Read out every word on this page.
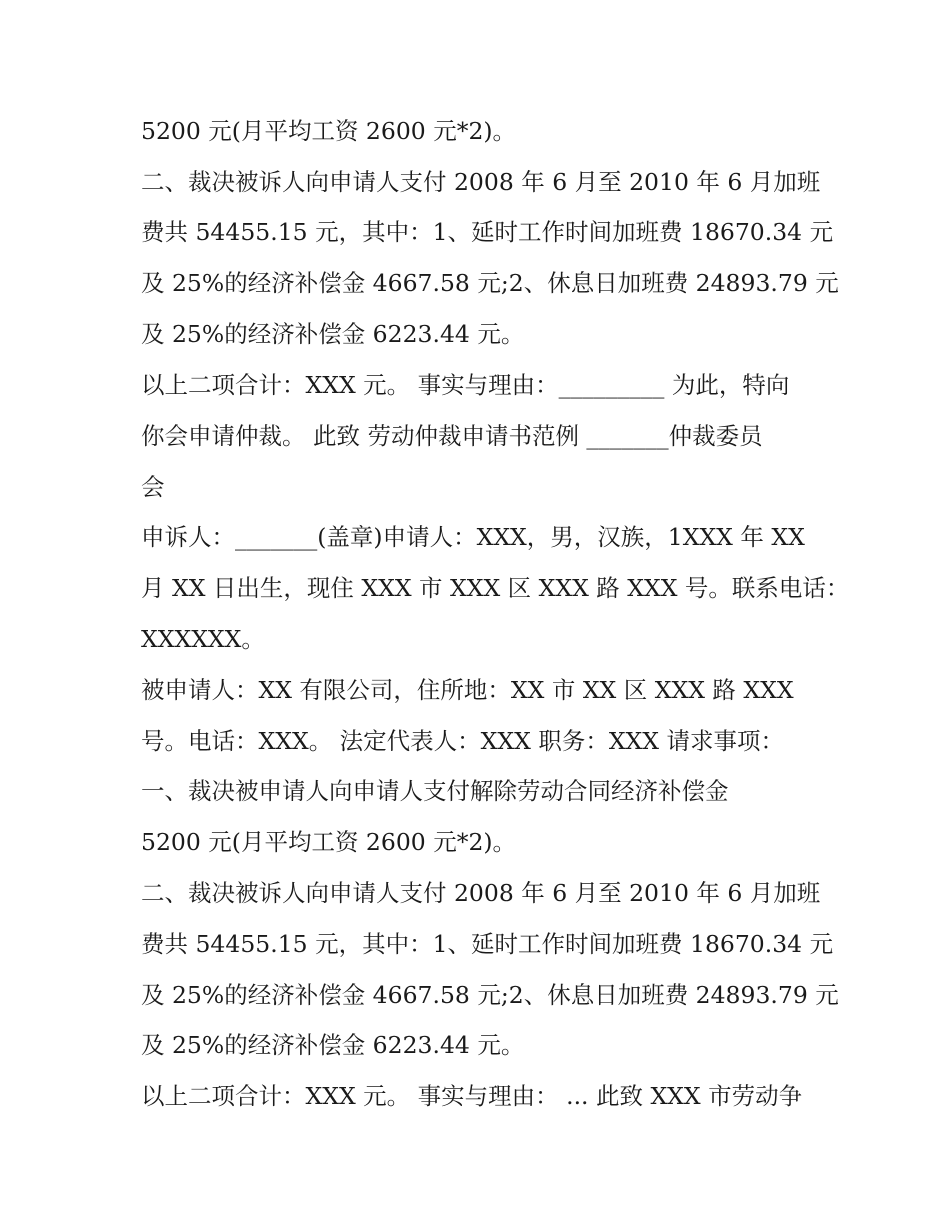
5200 元(月平均工资 2600 元*2)。
二、裁决被诉人向申请人支付 2008 年 6 月至 2010 年 6 月加班
费共 54455.15 元，其中：1、延时工作时间加班费 18670.34 元
及 25%的经济补偿金 4667.58 元;2、休息日加班费 24893.79 元
及 25%的经济补偿金 6223.44 元。
以上二项合计：XXX 元。 事实与理由：_________ 为此，特向
你会申请仲裁。 此致 劳动仲裁申请书范例 _______仲裁委员
会
申诉人：_______(盖章)申请人：XXX，男，汉族，1XXX 年 XX
月 XX 日出生，现住 XXX 市 XXX 区 XXX 路 XXX 号。联系电话：
XXXXXX。
被申请人：XX 有限公司，住所地：XX 市 XX 区 XXX 路 XXX
号。电话：XXX。 法定代表人：XXX 职务：XXX 请求事项：
一、裁决被申请人向申请人支付解除劳动合同经济补偿金
5200 元(月平均工资 2600 元*2)。
二、裁决被诉人向申请人支付 2008 年 6 月至 2010 年 6 月加班
费共 54455.15 元，其中：1、延时工作时间加班费 18670.34 元
及 25%的经济补偿金 4667.58 元;2、休息日加班费 24893.79 元
及 25%的经济补偿金 6223.44 元。
以上二项合计：XXX 元。 事实与理由： ... 此致 XXX 市劳动争
